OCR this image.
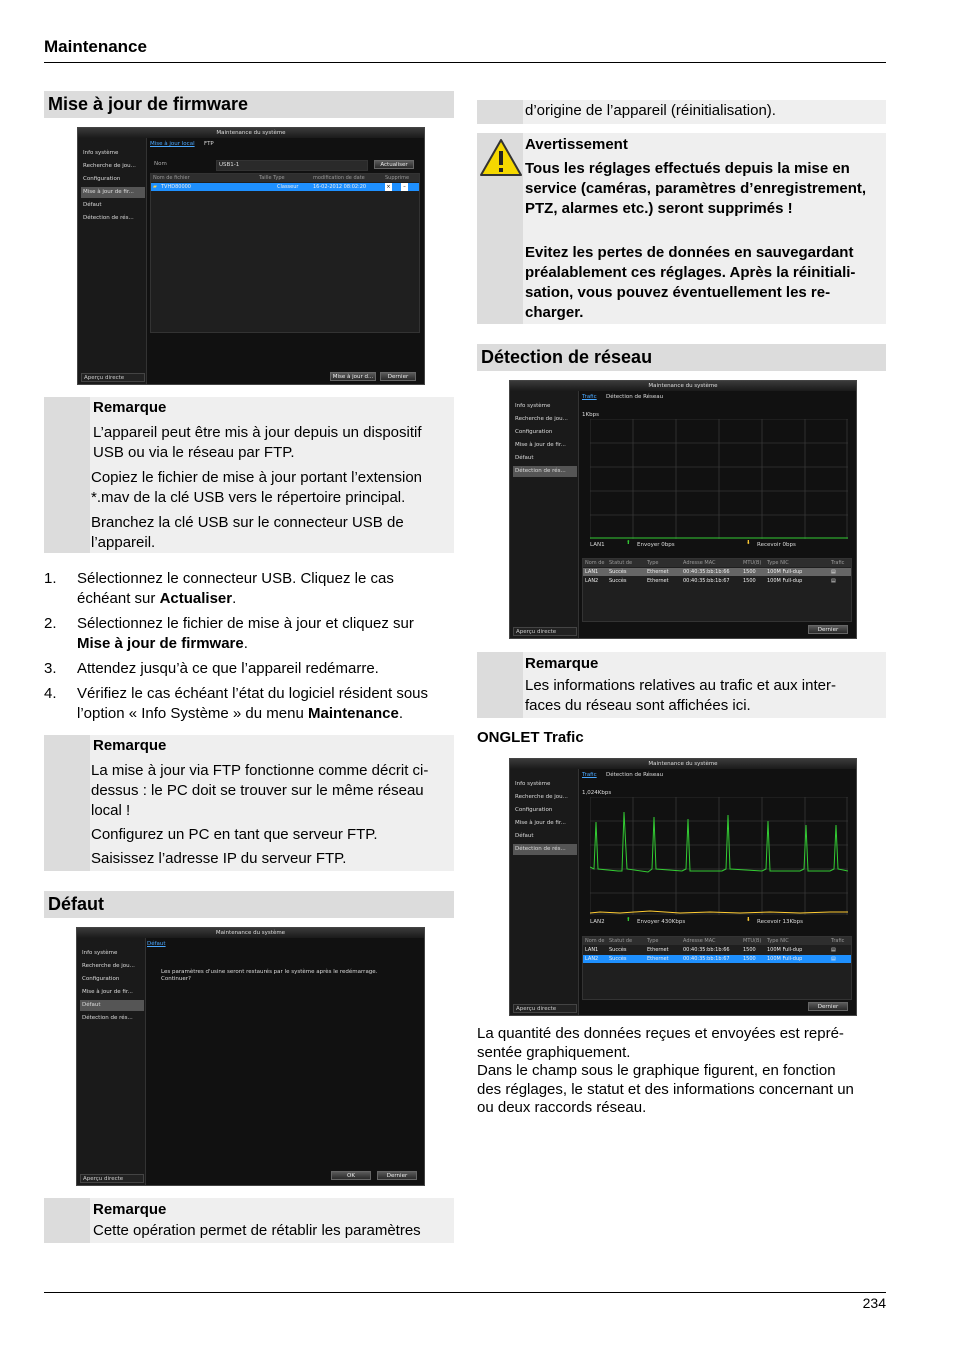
Maintenance
Mise à jour de firmware
Maintenance du système
Info système
Recherche de jou...
Configuration
Mise à jour de fir...
Défaut
Détection de rés...
Aperçu directe
Mise à jour local FTP
Nom	USB1-1	Actualiser
Nom de fichier	Taille Type	modification de date	Supprime
▰ TVHD80000	Classeur	16-02-2012 08:02:20	×	–
Mise à jour d...	Dernier
Remarque
L’appareil peut être mis à jour depuis un dispositif USB ou via le réseau par FTP.
Copiez le fichier de mise à jour portant l’extension *.mav de la clé USB vers le répertoire principal.
Branchez la clé USB sur le connecteur USB de l’appareil.
1. Sélectionnez le connecteur USB. Cliquez le cas
échéant sur Actualiser.
2. Sélectionnez le fichier de mise à jour et cliquez sur
Mise à jour de firmware.
3. Attendez jusqu’à ce que l’appareil redémarre.
4. Vérifiez le cas échéant l’état du logiciel résident sous
l’option « Info Système » du menu Maintenance.
Remarque
La mise à jour via FTP fonctionne comme décrit ci-dessus : le PC doit se trouver sur le même réseau local !
Configurez un PC en tant que serveur FTP.
Saisissez l’adresse IP du serveur FTP.
Défaut
Maintenance du système
Info système
Recherche de jou...
Configuration
Mise à jour de fir...
Défaut
Détection de rés...
Aperçu directe
Défaut
Les paramètres d'usine seront restaurés par le système après le redémarrage.
Continuer?
OK	Dernier
Remarque
Cette opération permet de rétablir les paramètres
d’origine de l’appareil (réinitialisation).
Avertissement
Tous les réglages effectués depuis la mise en service (caméras, paramètres d’enregistrement, PTZ, alarmes etc.) seront supprimés !
Evitez les pertes de données en sauvegardant préalablement ces réglages. Après la réinitiali-sation, vous pouvez éventuellement les re-charger.
Détection de réseau
Maintenance du système
Info système
Recherche de jou...
Configuration
Mise à jour de fir...
Défaut
Détection de rés...
Aperçu directe
Trafic Détection de Réseau
1Kbps
LAN1	⬆ Envoyer 0bps	⬇ Recevoir 0bps
Nom de Statut de	Type	Adresse MAC	MTU(B) Type NIC	Trafic
LAN1 Succès	Ethernet	00:40:35:bb:1b:66	1500 100M Full-dup	▤
LAN2 Succès	Ethernet	00:40:35:bb:1b:67	1500 100M Full-dup	▤
Dernier
Remarque
Les informations relatives au trafic et aux inter-faces du réseau sont affichées ici.
ONGLET Trafic
Maintenance du système
Info système
Recherche de jou...
Configuration
Mise à jour de fir...
Défaut
Détection de rés...
Aperçu directe
Trafic Détection de Réseau
1,024Kbps
LAN2	⬆ Envoyer 430Kbps	⬇ Recevoir 13Kbps
Nom de Statut de	Type	Adresse MAC	MTU(B) Type NIC	Trafic
LAN1 Succès	Ethernet	00:40:35:bb:1b:66	1500 100M Full-dup	▤
LAN2 Succès	Ethernet	00:40:35:bb:1b:67	1500 100M Full-dup	▤
Dernier
La quantité des données reçues et envoyées est repré-
sentée graphiquement.
Dans le champ sous le graphique figurent, en fonction
des réglages, le statut et des informations concernant un
ou deux raccords réseau.
234
